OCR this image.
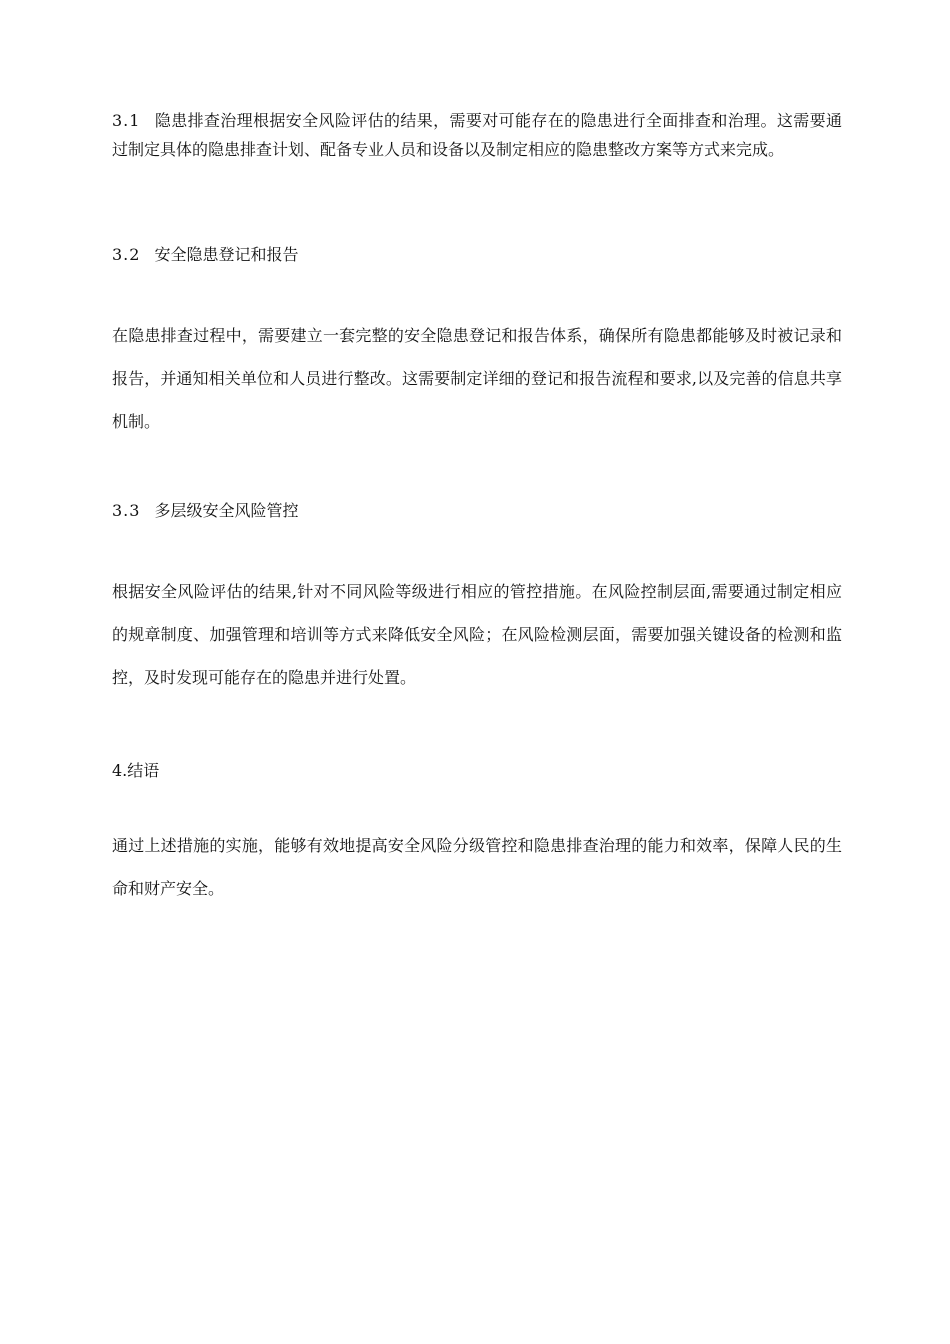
3.1 隐患排查治理根据安全风险评估的结果，需要对可能存在的隐患进行全面排查和治理。这需要通过制定具体的隐患排查计划、配备专业人员和设备以及制定相应的隐患整改方案等方式来完成。

3.2 安全隐患登记和报告

在隐患排查过程中，需要建立一套完整的安全隐患登记和报告体系，确保所有隐患都能够及时被记录和报告，并通知相关单位和人员进行整改。这需要制定详细的登记和报告流程和要求,以及完善的信息共享机制。

3.3 多层级安全风险管控

根据安全风险评估的结果,针对不同风险等级进行相应的管控措施。在风险控制层面,需要通过制定相应的规章制度、加强管理和培训等方式来降低安全风险；在风险检测层面，需要加强关键设备的检测和监控，及时发现可能存在的隐患并进行处置。

4.结语

通过上述措施的实施，能够有效地提高安全风险分级管控和隐患排查治理的能力和效率，保障人民的生命和财产安全。
